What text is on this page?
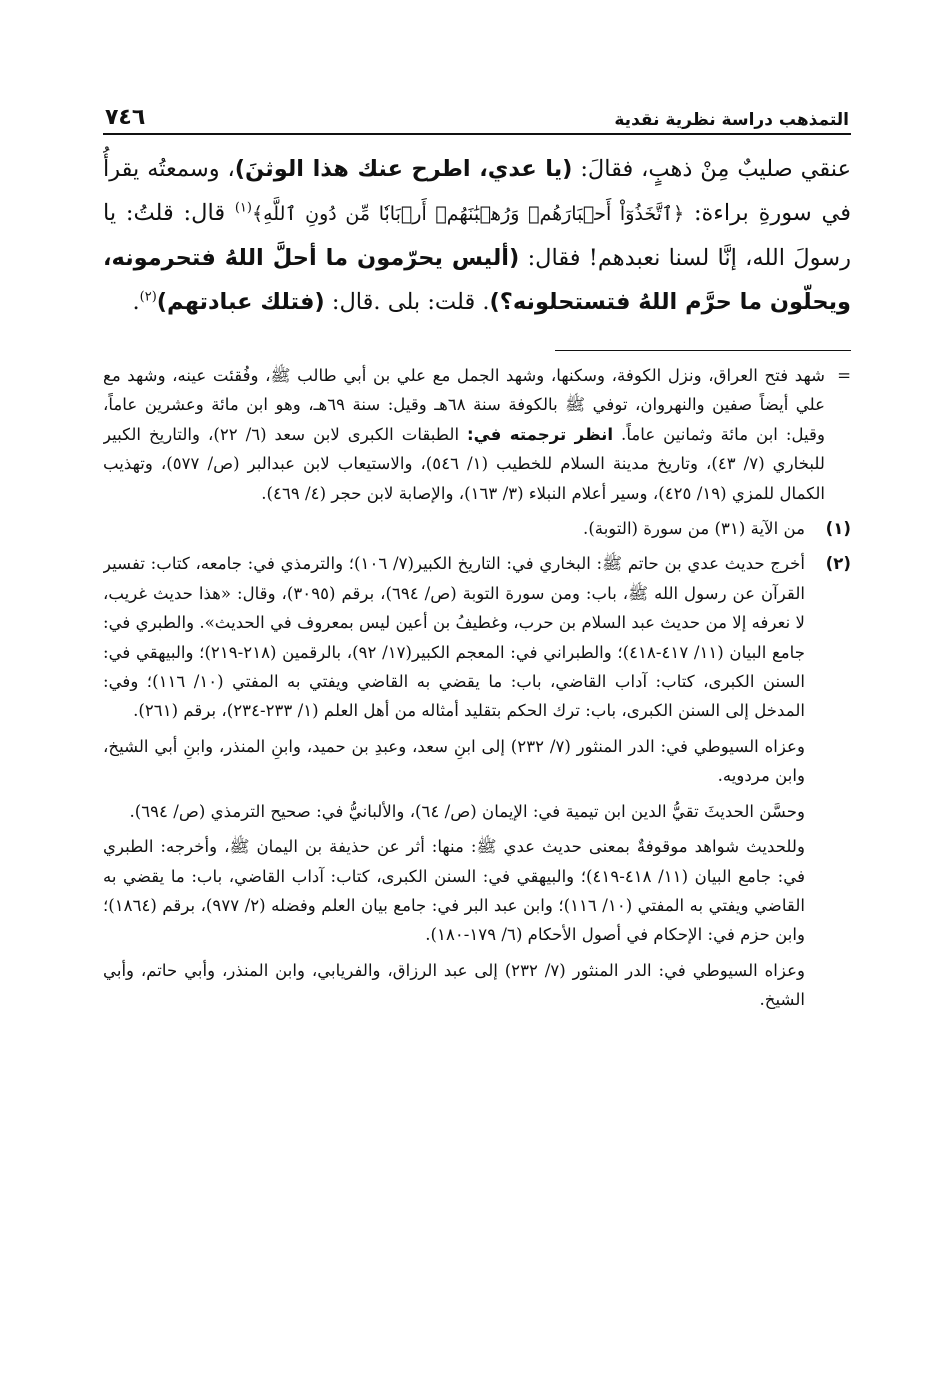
التمذهب دراسة نظرية نقدية
٧٤٦

عنقي صليبٌ مِنْ ذهبٍ، فقالَ: (يا عدي، اطرح عنك هذا الوثنَ)، وسمعتُه يقرأُ في سورةِ براءة: ﴿ٱتَّخَذُوٓاْ أَحۡبَارَهُمۡ وَرُهۡبَٰنَهُمۡ أَرۡبَابٗا مِّن دُونِ ٱللَّهِ﴾$^{(١)}$ قال: قلتُ: يا رسولَ الله، إنَّا لسنا نعبدهم! فقال: (أليس يحرّمون ما أحلَّ اللهُ فتحرمونه، ويحلّون ما حرَّم اللهُ فتستحلونه؟). قلت: بلى .قال: (فتلك عبادتهم)$^{(٢)}$.

=

شهد فتح العراق، ونزل الكوفة، وسكنها، وشهد الجمل مع علي بن أبي طالب ﷺ، وفُقئت عينه، وشهد مع علي أيضاً صفين والنهروان، توفي ﷺ بالكوفة سنة ٦٨هـ وقيل: سنة ٦٩هـ، وهو ابن مائة وعشرين عاماً، وقيل: ابن مائة وثمانين عاماً. انظر ترجمته في: الطبقات الكبرى لابن سعد (٦/ ٢٢)، والتاريخ الكبير للبخاري (٧/ ٤٣)، وتاريخ مدينة السلام للخطيب (١/ ٥٤٦)، والاستيعاب لابن عبدالبر (ص/ ٥٧٧)، وتهذيب الكمال للمزي (١٩/ ٤٢٥)، وسير أعلام النبلاء (٣/ ١٦٣)، والإصابة لابن حجر (٤/ ٤٦٩).

(١)

من الآية (٣١) من سورة (التوبة).

(٢)

أخرج حديث عدي بن حاتم ﷺ: البخاري في: التاريخ الكبير(٧/ ١٠٦)؛ والترمذي في: جامعه، كتاب: تفسير القرآن عن رسول الله ﷺ، باب: ومن سورة التوبة (ص/ ٦٩٤)، برقم (٣٠٩٥)، وقال: «هذا حديث غريب، لا نعرفه إلا من حديث عبد السلام بن حرب، وغطيفُ بن أعين ليس بمعروف في الحديث». والطبري في: جامع البيان (١١/ ٤١٧-٤١٨)؛ والطبراني في: المعجم الكبير(١٧/ ٩٢)، بالرقمين (٢١٨-٢١٩)؛ والبيهقي في: السنن الكبرى، كتاب: آداب القاضي، باب: ما يقضي به القاضي ويفتي به المفتي (١٠/ ١١٦)؛ وفي: المدخل إلى السنن الكبرى، باب: ترك الحكم بتقليد أمثاله من أهل العلم (١/ ٢٣٣-٢٣٤)، برقم (٢٦١).

وعزاه السيوطي في: الدر المنثور (٧/ ٢٣٢) إلى ابنِ سعد، وعبدِ بن حميد، وابنِ المنذر، وابنِ أبي الشيخ، وابن مردويه.

وحسَّن الحديثَ تقيُّ الدين ابن تيمية في: الإيمان (ص/ ٦٤)، والألبانيُّ في: صحيح الترمذي (ص/ ٦٩٤).

وللحديث شواهد موقوفةٌ بمعنى حديث عدي ﷺ: منها: أثر عن حذيفة بن اليمان ﷺ، وأخرجه: الطبري في: جامع البيان (١١/ ٤١٨-٤١٩)؛ والبيهقي في: السنن الكبرى، كتاب: آداب القاضي، باب: ما يقضي به القاضي ويفتي به المفتي (١٠/ ١١٦)؛ وابن عبد البر في: جامع بيان العلم وفضله (٢/ ٩٧٧)، برقم (١٨٦٤)؛ وابن حزم في: الإحكام في أصول الأحكام (٦/ ١٧٩-١٨٠).

وعزاه السيوطي في: الدر المنثور (٧/ ٢٣٢) إلى عبد الرزاق، والفريابي، وابن المنذر، وأبي حاتم، وأبي الشيخ.
